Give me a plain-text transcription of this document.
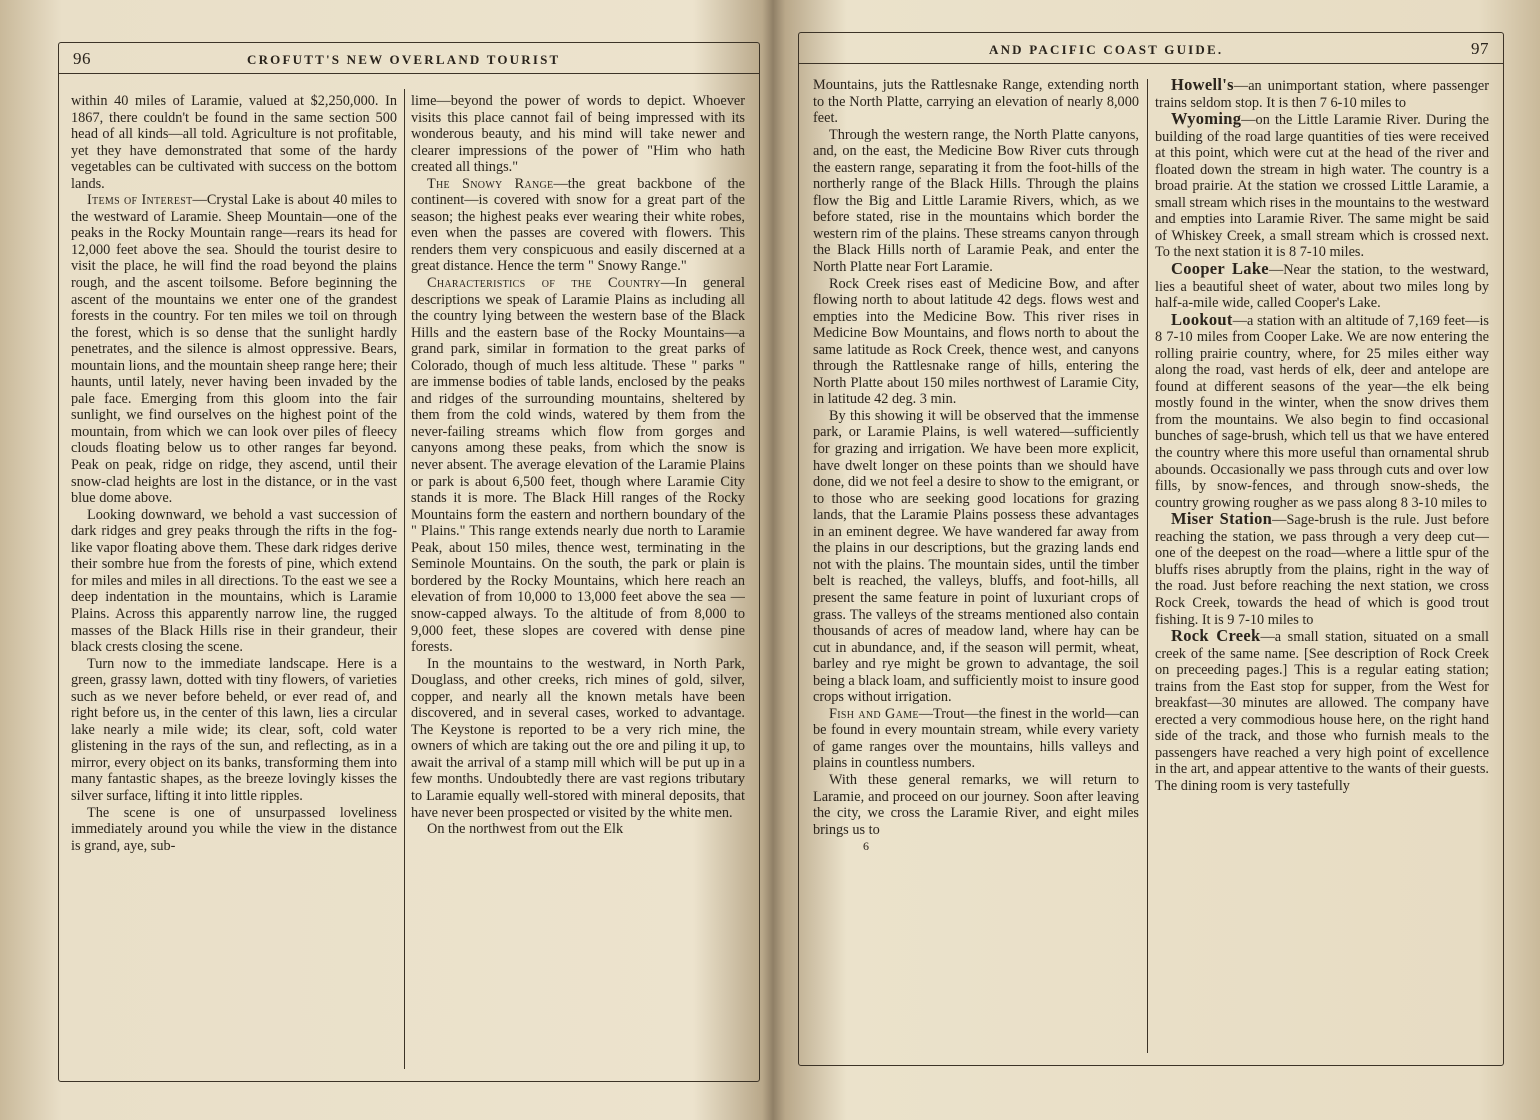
96	CROFUTT'S NEW OVERLAND TOURIST

within 40 miles of Laramie, valued at $2,250,000. In 1867, there couldn't be found in the same section 500 head of all kinds—all told. Agriculture is not profitable, yet they have demonstrated that some of the hardy vegetables can be cultivated with success on the bottom lands.

Items of Interest—Crystal Lake is about 40 miles to the westward of Laramie. Sheep Mountain—one of the peaks in the Rocky Mountain range—rears its head for 12,000 feet above the sea. Should the tourist desire to visit the place, he will find the road beyond the plains rough, and the ascent toilsome. Before beginning the ascent of the mountains we enter one of the grandest forests in the country. For ten miles we toil on through the forest, which is so dense that the sunlight hardly penetrates, and the silence is almost oppressive. Bears, mountain lions, and the mountain sheep range here; their haunts, until lately, never having been invaded by the pale face. Emerging from this gloom into the fair sunlight, we find ourselves on the highest point of the mountain, from which we can look over piles of fleecy clouds floating below us to other ranges far beyond. Peak on peak, ridge on ridge, they ascend, until their snow-clad heights are lost in the distance, or in the vast blue dome above.

Looking downward, we behold a vast succession of dark ridges and grey peaks through the rifts in the fog-like vapor floating above them. These dark ridges derive their sombre hue from the forests of pine, which extend for miles and miles in all directions. To the east we see a deep indentation in the mountains, which is Laramie Plains. Across this apparently narrow line, the rugged masses of the Black Hills rise in their grandeur, their black crests closing the scene.

Turn now to the immediate landscape. Here is a green, grassy lawn, dotted with tiny flowers, of varieties such as we never before beheld, or ever read of, and right before us, in the center of this lawn, lies a circular lake nearly a mile wide; its clear, soft, cold water glistening in the rays of the sun, and reflecting, as in a mirror, every object on its banks, transforming them into many fantastic shapes, as the breeze lovingly kisses the silver surface, lifting it into little ripples.

The scene is one of unsurpassed loveliness immediately around you while the view in the distance is grand, aye, sub-

lime—beyond the power of words to depict. Whoever visits this place cannot fail of being impressed with its wonderous beauty, and his mind will take newer and clearer impressions of the power of "Him who hath created all things."

The Snowy Range—the great backbone of the continent—is covered with snow for a great part of the season; the highest peaks ever wearing their white robes, even when the passes are covered with flowers. This renders them very conspicuous and easily discerned at a great distance. Hence the term " Snowy Range."

Characteristics of the Country—In general descriptions we speak of Laramie Plains as including all the country lying between the western base of the Black Hills and the eastern base of the Rocky Mountains—a grand park, similar in formation to the great parks of Colorado, though of much less altitude. These " parks " are immense bodies of table lands, enclosed by the peaks and ridges of the surrounding mountains, sheltered by them from the cold winds, watered by them from the never-failing streams which flow from gorges and canyons among these peaks, from which the snow is never absent. The average elevation of the Laramie Plains or park is about 6,500 feet, though where Laramie City stands it is more. The Black Hill ranges of the Rocky Mountains form the eastern and northern boundary of the " Plains." This range extends nearly due north to Laramie Peak, about 150 miles, thence west, terminating in the Seminole Mountains. On the south, the park or plain is bordered by the Rocky Mountains, which here reach an elevation of from 10,000 to 13,000 feet above the sea —snow-capped always. To the altitude of from 8,000 to 9,000 feet, these slopes are covered with dense pine forests.

In the mountains to the westward, in North Park, Douglass, and other creeks, rich mines of gold, silver, copper, and nearly all the known metals have been discovered, and in several cases, worked to advantage. The Keystone is reported to be a very rich mine, the owners of which are taking out the ore and piling it up, to await the arrival of a stamp mill which will be put up in a few months. Undoubtedly there are vast regions tributary to Laramie equally well-stored with mineral deposits, that have never been prospected or visited by the white men.

On the northwest from out the Elk

AND PACIFIC COAST GUIDE.	97

Mountains, juts the Rattlesnake Range, extending north to the North Platte, carrying an elevation of nearly 8,000 feet.

Through the western range, the North Platte canyons, and, on the east, the Medicine Bow River cuts through the eastern range, separating it from the foot-hills of the northerly range of the Black Hills. Through the plains flow the Big and Little Laramie Rivers, which, as we before stated, rise in the mountains which border the western rim of the plains. These streams canyon through the Black Hills north of Laramie Peak, and enter the North Platte near Fort Laramie.

Rock Creek rises east of Medicine Bow, and after flowing north to about latitude 42 degs. flows west and empties into the Medicine Bow. This river rises in Medicine Bow Mountains, and flows north to about the same latitude as Rock Creek, thence west, and canyons through the Rattlesnake range of hills, entering the North Platte about 150 miles northwest of Laramie City, in latitude 42 deg. 3 min.

By this showing it will be observed that the immense park, or Laramie Plains, is well watered—sufficiently for grazing and irrigation. We have been more explicit, have dwelt longer on these points than we should have done, did we not feel a desire to show to the emigrant, or to those who are seeking good locations for grazing lands, that the Laramie Plains possess these advantages in an eminent degree. We have wandered far away from the plains in our descriptions, but the grazing lands end not with the plains. The mountain sides, until the timber belt is reached, the valleys, bluffs, and foot-hills, all present the same feature in point of luxuriant crops of grass. The valleys of the streams mentioned also contain thousands of acres of meadow land, where hay can be cut in abundance, and, if the season will permit, wheat, barley and rye might be grown to advantage, the soil being a black loam, and sufficiently moist to insure good crops without irrigation.

Fish and Game—Trout—the finest in the world—can be found in every mountain stream, while every variety of game ranges over the mountains, hills valleys and plains in countless numbers.

With these general remarks, we will return to Laramie, and proceed on our journey. Soon after leaving the city, we cross the Laramie River, and eight miles brings us to

6

Howell's—an unimportant station, where passenger trains seldom stop. It is then 7 6-10 miles to

Wyoming—on the Little Laramie River. During the building of the road large quantities of ties were received at this point, which were cut at the head of the river and floated down the stream in high water. The country is a broad prairie. At the station we crossed Little Laramie, a small stream which rises in the mountains to the westward and empties into Laramie River. The same might be said of Whiskey Creek, a small stream which is crossed next. To the next station it is 8 7-10 miles.

Cooper Lake—Near the station, to the westward, lies a beautiful sheet of water, about two miles long by half-a-mile wide, called Cooper's Lake.

Lookout—a station with an altitude of 7,169 feet—is 8 7-10 miles from Cooper Lake. We are now entering the rolling prairie country, where, for 25 miles either way along the road, vast herds of elk, deer and antelope are found at different seasons of the year—the elk being mostly found in the winter, when the snow drives them from the mountains. We also begin to find occasional bunches of sage-brush, which tell us that we have entered the country where this more useful than ornamental shrub abounds. Occasionally we pass through cuts and over low fills, by snow-fences, and through snow-sheds, the country growing rougher as we pass along 8 3-10 miles to

Miser Station—Sage-brush is the rule. Just before reaching the station, we pass through a very deep cut—one of the deepest on the road—where a little spur of the bluffs rises abruptly from the plains, right in the way of the road. Just before reaching the next station, we cross Rock Creek, towards the head of which is good trout fishing. It is 9 7-10 miles to

Rock Creek—a small station, situated on a small creek of the same name. [See description of Rock Creek on preceeding pages.] This is a regular eating station; trains from the East stop for supper, from the West for breakfast—30 minutes are allowed. The company have erected a very commodious house here, on the right hand side of the track, and those who furnish meals to the passengers have reached a very high point of excellence in the art, and appear attentive to the wants of their guests. The dining room is very tastefully
